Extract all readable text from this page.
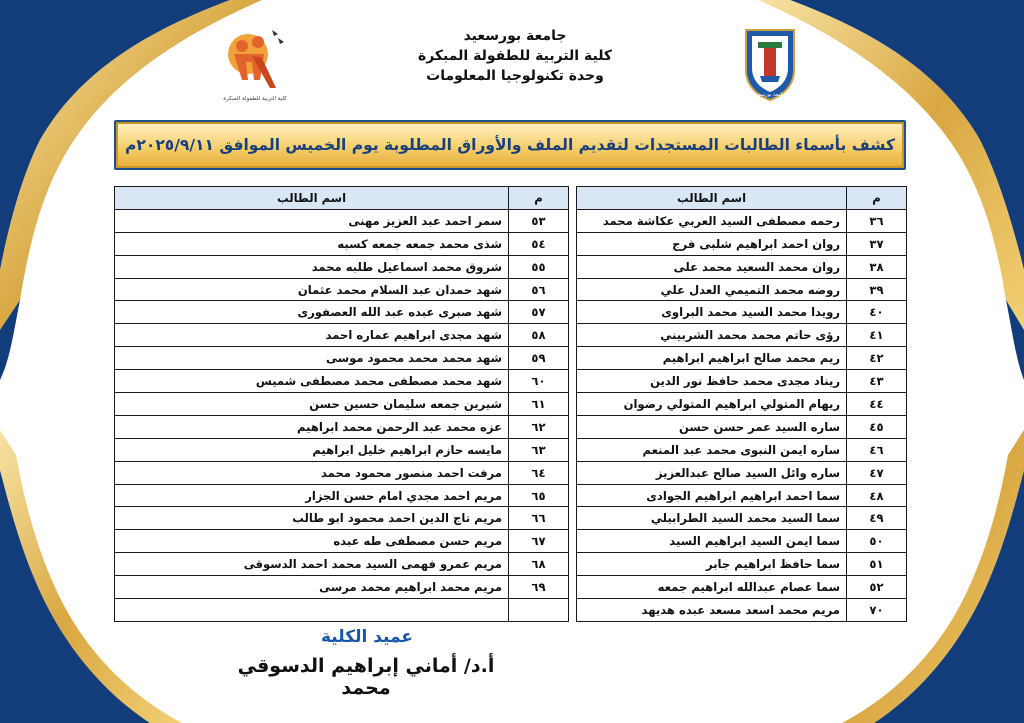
كلية التربية للطفولة المبكرة
جامعة بورسعيد
جامعة بورسعيد
كلية التربية للطفولة المبكرة
وحدة تكنولوجيا المعلومات
كشف بأسماء الطالبات المستجدات لتقديم الملف والأوراق المطلوبة يوم الخميس الموافق ٢٠٢٥/٩/١١م
م	اسم الطالب		م	اسم الطالب
٣٦	رحمه مصطفى السيد العربي عكاشة محمد		٥٣	سمر احمد عبد العزيز مهنى
٣٧	روان احمد ابراهيم شلبى فرج		٥٤	شذى محمد جمعه جمعه كسبه
٣٨	روان محمد السعيد محمد على		٥٥	شروق محمد اسماعيل طلبه محمد
٣٩	روضه محمد التميمي العدل علي		٥٦	شهد حمدان عبد السلام محمد عثمان
٤٠	رويدا محمد السيد محمد البراوى		٥٧	شهد صبرى عبده عبد الله العصفورى
٤١	رؤى حاتم محمد محمد الشربيني		٥٨	شهد مجدى ابراهيم عماره احمد
٤٢	ريم محمد صالح ابراهيم ابراهيم		٥٩	شهد محمد محمد محمود موسى
٤٣	ريناد مجدى محمد حافظ نور الدين		٦٠	شهد محمد مصطفى محمد مصطفى شميس
٤٤	ريهام المتولي ابراهيم المتولي رضوان		٦١	شيرين جمعه سليمان حسين حسن
٤٥	ساره السيد عمر حسن حسن		٦٢	عزه محمد عبد الرحمن محمد ابراهيم
٤٦	ساره ايمن النبوى محمد عبد المنعم		٦٣	مايسه حازم ابراهيم خليل ابراهيم
٤٧	ساره وائل السيد صالح عبدالعزيز		٦٤	مرفت احمد منصور محمود محمد
٤٨	سما احمد ابراهيم ابراهيم الجوادى		٦٥	مريم احمد مجدي امام حسن الجزار
٤٩	سما السيد محمد السيد الطرابيلي		٦٦	مريم تاج الدين احمد محمود ابو طالب
٥٠	سما ايمن السيد ابراهيم السيد		٦٧	مريم حسن مصطفى طه عبده
٥١	سما حافظ ابراهيم جابر		٦٨	مريم عمرو فهمى السيد محمد احمد الدسوقى
٥٢	سما عصام عبدالله ابراهيم جمعه		٦٩	مريم محمد ابراهيم محمد مرسى
٧٠	مريم محمد اسعد مسعد عبده هديهد			
عميد الكلية
أ.د/ أماني إبراهيم الدسوقي محمد
